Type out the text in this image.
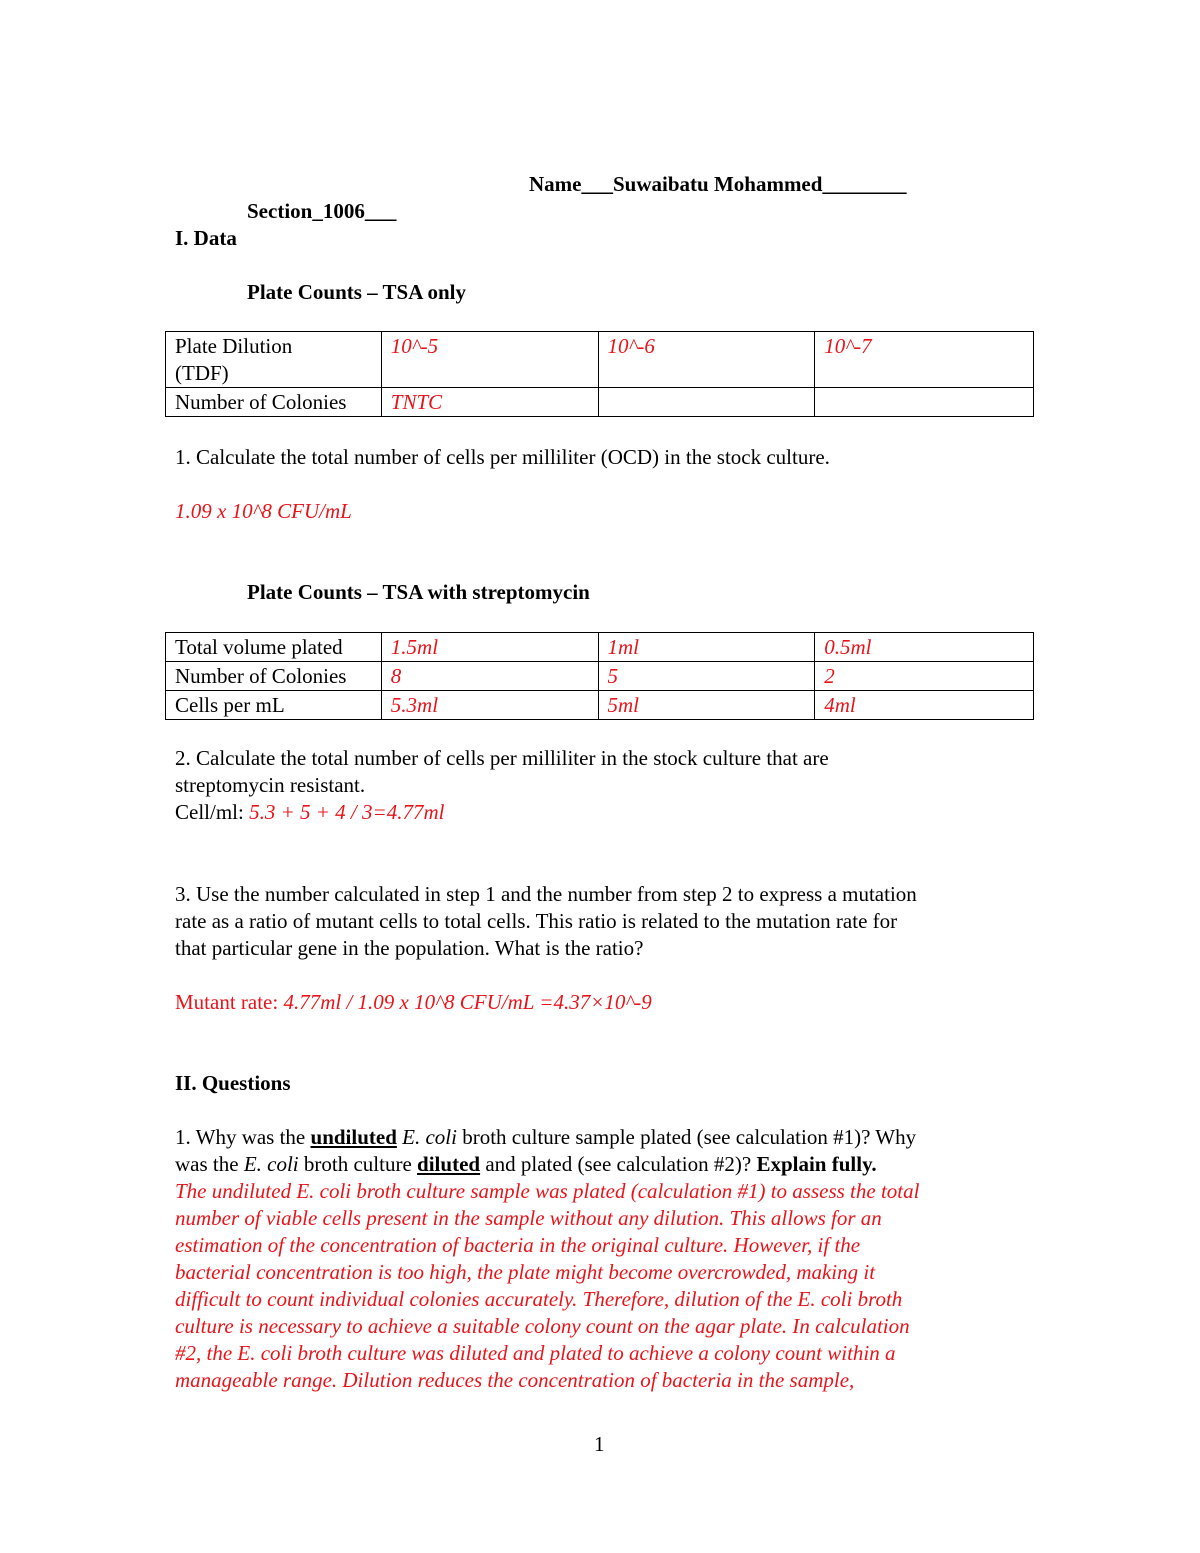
Name___Suwaibatu Mohammed________
Section_1006___
I. Data
Plate Counts – TSA only
Plate Dilution
(TDF)	10^-5	10^-6	10^-7
Number of Colonies	TNTC		
1. Calculate the total number of cells per milliliter (OCD) in the stock culture.
1.09 x 10^8 CFU/mL
Plate Counts – TSA with streptomycin
Total volume plated	1.5ml	1ml	0.5ml
Number of Colonies	8	5	2
Cells per mL	5.3ml	5ml	4ml
2. Calculate the total number of cells per milliliter in the stock culture that are
streptomycin resistant.
Cell/ml: 5.3 + 5 + 4 / 3=4.77ml
3. Use the number calculated in step 1 and the number from step 2 to express a mutation
rate as a ratio of mutant cells to total cells. This ratio is related to the mutation rate for
that particular gene in the population. What is the ratio?
Mutant rate: 4.77ml / 1.09 x 10^8 CFU/mL =4.37×10^-9
II. Questions
1. Why was the undiluted E. coli broth culture sample plated (see calculation #1)? Why
was the E. coli broth culture diluted and plated (see calculation #2)? Explain fully.
The undiluted E. coli broth culture sample was plated (calculation #1) to assess the total
number of viable cells present in the sample without any dilution. This allows for an
estimation of the concentration of bacteria in the original culture. However, if the
bacterial concentration is too high, the plate might become overcrowded, making it
difficult to count individual colonies accurately. Therefore, dilution of the E. coli broth
culture is necessary to achieve a suitable colony count on the agar plate. In calculation
#2, the E. coli broth culture was diluted and plated to achieve a colony count within a
manageable range. Dilution reduces the concentration of bacteria in the sample,
1
